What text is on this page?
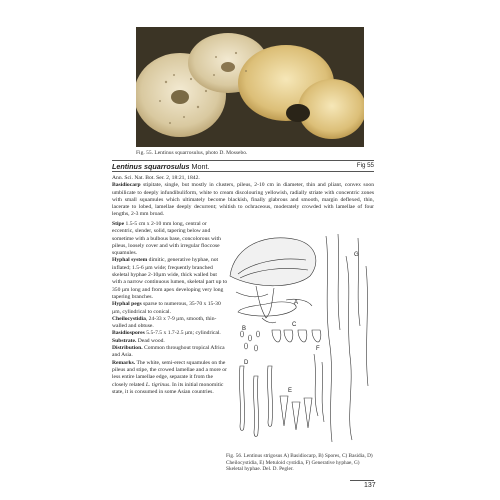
Fig. 55. Lentinus squarrosulus, photo D. Mossebo.
Lentinus squarrosulus Mont.	Fig 55

Ann. Sci. Nat. Bot. Ser. 2, 18:21, 1842.

Basidiocarp stipitate, single, but mostly in clusters, pileus, 2-10 cm in diameter, thin and pliant, convex soon umbilicate to deeply infundibuliform, white to cream discolouring yellowish, radially striate with concentric zones with small squamules which ultimately become blackish, finally glabrous and smooth, margin deflexed, thin, lacerate to lobed, lamellae deeply decurrent; whitish to ochraceous, moderately crowded with lamellae of four lengths, 2-3 mm broad.

Stipe 1.5-5 cm x 2-10 mm long, central or eccentric, slender, solid, tapering below and sometime with a bulbous base, concolorous with pileus, loosely cover and with irregular floccose squamules.

Hyphal system dimitic, generative hyphae, not inflated; 1.5-6 µm wide; frequently branched skeletal hyphae 2-10µm wide, thick walled but with a narrow continuous lumen, skeletal part up to 350 µm long and from apex developing very long tapering branches.

Hyphal pegs sparse to numerous, 35-70 x 15-30 µm, cylindrical to conical.

Cheilocystidia, 24-33 x 7-9 µm, smooth, thin-walled and obtuse.

Basidiospores 5.5-7.5 x 1.7-2.5 µm; cylindrical.

Substrate. Dead wood.

Distribution. Common throughout tropical Africa and Asia.

Remarks. The white, semi-erect squamules on the pileus and stipe, the crowed lamellae and a more or less entire lamellae edge, separate it from the closely related L. tigrinus. In its initial monomitic state, it is consumed in some Asian countries.

A
B
C
D
E
F
G
Fig. 56. Lentinus strigosus A) Basidiocarp, B) Spores, C) Basidia, D) Cheilocystidia, E) Metuloid cystidia, F) Generative hyphae, G) Skeletal hyphae. Del. D. Pegler.
137
